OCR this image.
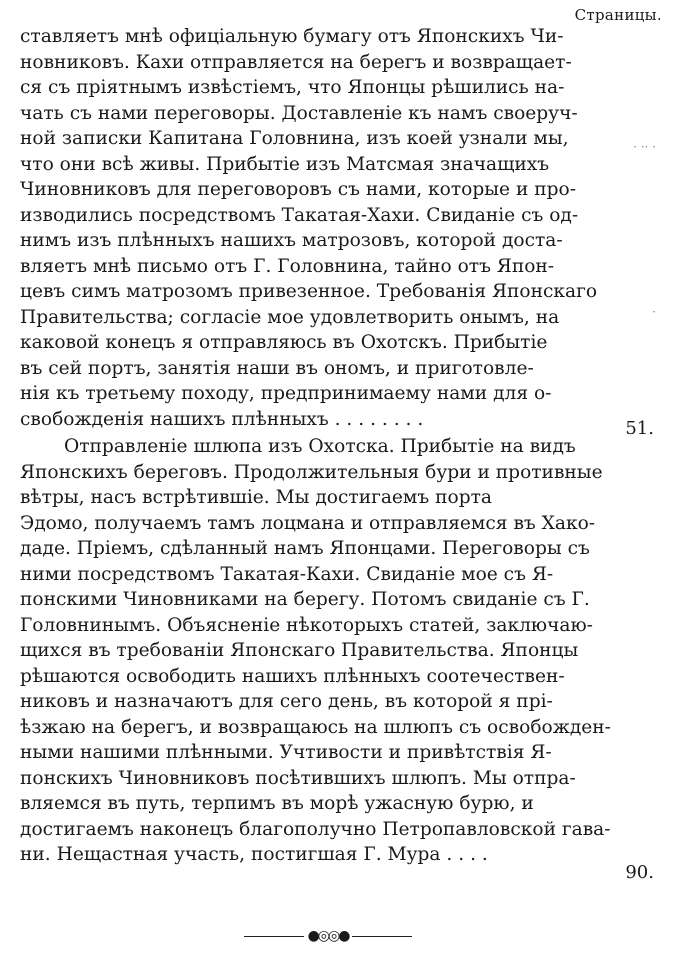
Страницы.
ставляетъ мнѣ офиціальную бумагу отъ Японскихъ Чи-
новниковъ. Кахи отправляется на берегъ и возвращает-
ся съ пріятнымъ извѣстіемъ, что Японцы рѣшились на-
чать съ нами переговоры. Доставленіе къ намъ своеруч-
ной записки Капитана Головнина, изъ коей узнали мы,
что они всѣ живы. Прибытіе изъ Матсмая значащихъ
Чиновниковъ для переговоровъ съ нами, которые и про-
изводились посредствомъ Такатая-Хахи. Свиданіе съ од-
нимъ изъ плѣнныхъ нашихъ матрозовъ, которой доста-
вляетъ мнѣ письмо отъ Г. Головнина, тайно отъ Япон-
цевъ симъ матрозомъ привезенное. Требованія Японскаго
Правительства; согласіе мое удовлетворить онымъ, на
каковой конецъ я отправляюсь въ Охотскъ. Прибытіе
въ сей портъ, занятія наши въ ономъ, и приготовле-
нія къ третьему походу, предпринимаему нами для о-
свобожденія нашихъ плѣнныхъ . . . . . . . .
Отправленіе шлюпа изъ Охотска. Прибытіе на видъ
Японскихъ береговъ. Продолжительныя бури и противные
вѣтры, насъ встрѣтившіе. Мы достигаемъ порта
Эдомо, получаемъ тамъ лоцмана и отправляемся въ Хако-
даде. Пріемъ, сдѣланный намъ Японцами. Переговоры съ
ними посредствомъ Такатая-Кахи. Свиданіе мое съ Я-
понскими Чиновниками на берегу. Потомъ свиданіе съ Г.
Головнинымъ. Объясненіе нѣкоторыхъ статей, заключаю-
щихся въ требованіи Японскаго Правительства. Японцы
рѣшаются освободить нашихъ плѣнныхъ соотечествен-
никовъ и назначаютъ для сего день, въ которой я прі-
ѣзжаю на берегъ, и возвращаюсь на шлюпъ съ освобожден-
ными нашими плѣнными. Учтивости и привѣтствія Я-
понскихъ Чиновниковъ посѣтившихъ шлюпъ. Мы отпра-
вляемся въ путь, терпимъ въ морѣ ужасную бурю, и
достигаемъ наконецъ благополучно Петропавловской гава-
ни. Нещастная участь, постигшая Г. Мура . . . .
· ·· ·
·
51.
90.
●◎◎●
